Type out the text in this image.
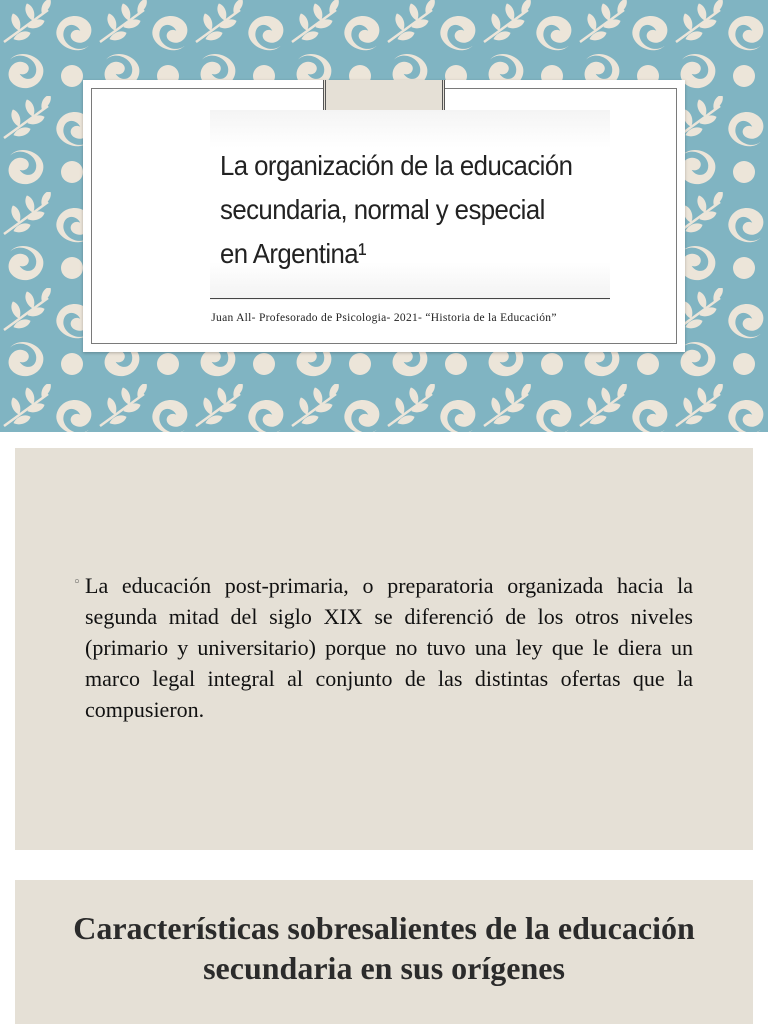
La organización de la educación secundaria, normal y especial en Argentina¹
Juan All- Profesorado de Psicologia- 2021- “Historia de la Educación”
◦ La educación post-primaria, o preparatoria organizada hacia la segunda mitad del siglo XIX se diferenció de los otros niveles (primario y universitario) porque no tuvo una ley que le diera un marco legal integral al conjunto de las distintas ofertas que la compusieron.
Características sobresalientes de la educación secundaria en sus orígenes
